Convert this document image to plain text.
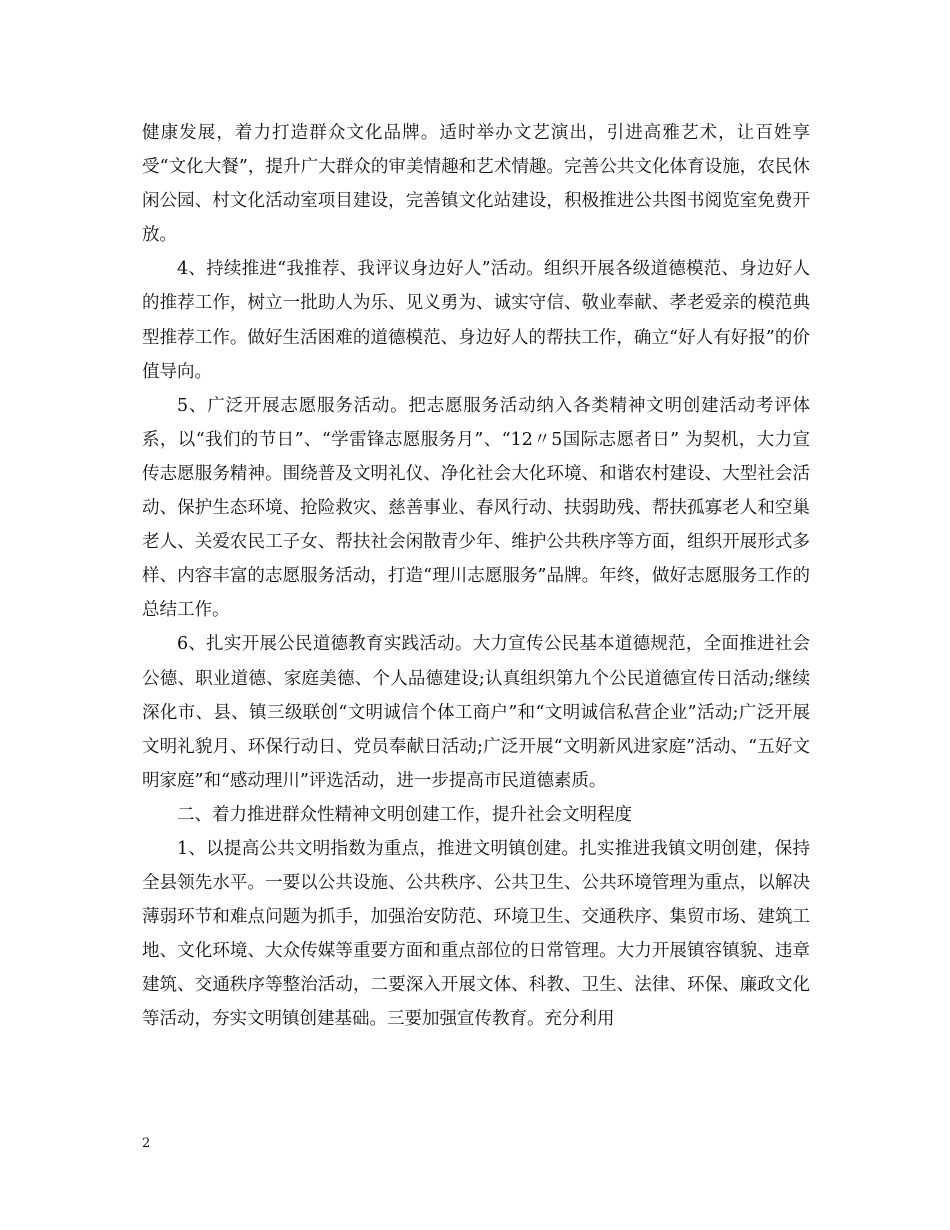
健康发展，着力打造群众文化品牌。适时举办文艺演出，引进高雅艺术，让百姓享受“文化大餐”，提升广大群众的审美情趣和艺术情趣。完善公共文化体育设施，农民休闲公园、村文化活动室项目建设，完善镇文化站建设，积极推进公共图书阅览室免费开放。

4、持续推进“我推荐、我评议身边好人”活动。组织开展各级道德模范、身边好人的推荐工作，树立一批助人为乐、见义勇为、诚实守信、敬业奉献、孝老爱亲的模范典型推荐工作。做好生活困难的道德模范、身边好人的帮扶工作，确立“好人有好报”的价值导向。

5、广泛开展志愿服务活动。把志愿服务活动纳入各类精神文明创建活动考评体系，以“我们的节日”、“学雷锋志愿服务月”、“12〃5国际志愿者日” 为契机，大力宣传志愿服务精神。围绕普及文明礼仪、净化社会大化环境、和谐农村建设、大型社会活动、保护生态环境、抢险救灾、慈善事业、春风行动、扶弱助残、帮扶孤寡老人和空巢老人、关爱农民工子女、帮扶社会闲散青少年、维护公共秩序等方面，组织开展形式多样、内容丰富的志愿服务活动，打造“理川志愿服务”品牌。年终，做好志愿服务工作的总结工作。

6、扎实开展公民道德教育实践活动。大力宣传公民基本道德规范，全面推进社会公德、职业道德、家庭美德、个人品德建设;认真组织第九个公民道德宣传日活动;继续深化市、县、镇三级联创“文明诚信个体工商户”和“文明诚信私营企业”活动;广泛开展文明礼貌月、环保行动日、党员奉献日活动;广泛开展“文明新风进家庭”活动、“五好文明家庭”和“感动理川”评选活动，进一步提高市民道德素质。

二、着力推进群众性精神文明创建工作，提升社会文明程度

1、以提高公共文明指数为重点，推进文明镇创建。扎实推进我镇文明创建，保持全县领先水平。一要以公共设施、公共秩序、公共卫生、公共环境管理为重点，以解决薄弱环节和难点问题为抓手，加强治安防范、环境卫生、交通秩序、集贸市场、建筑工地、文化环境、大众传媒等重要方面和重点部位的日常管理。大力开展镇容镇貌、违章建筑、交通秩序等整治活动，二要深入开展文体、科教、卫生、法律、环保、廉政文化等活动，夯实文明镇创建基础。三要加强宣传教育。充分利用

2
